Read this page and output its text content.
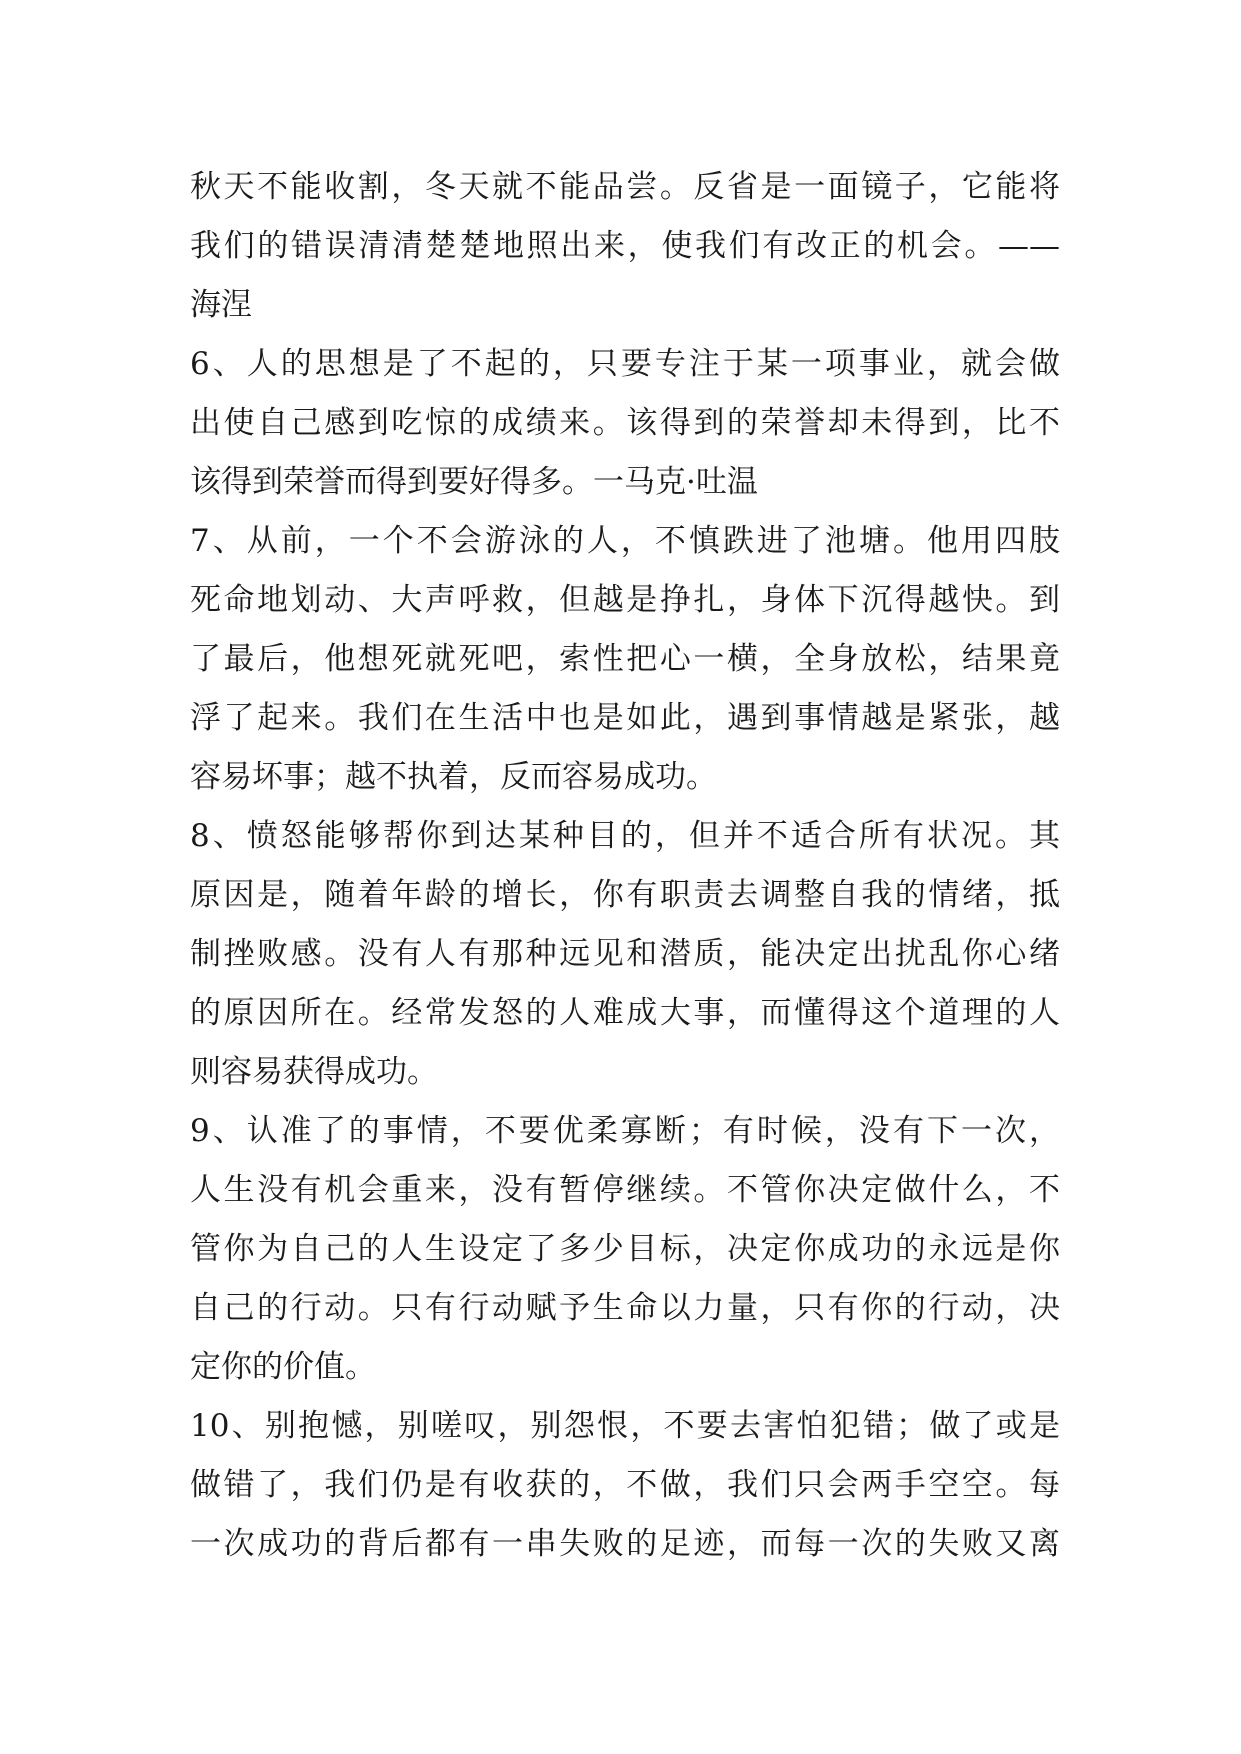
秋天不能收割，冬天就不能品尝。反省是一面镜子，它能将
我们的错误清清楚楚地照出来，使我们有改正的机会。——
海涅
6、人的思想是了不起的，只要专注于某一项事业，就会做
出使自己感到吃惊的成绩来。该得到的荣誉却未得到，比不
该得到荣誉而得到要好得多。一马克·吐温
7、从前，一个不会游泳的人，不慎跌进了池塘。他用四肢
死命地划动、大声呼救，但越是挣扎，身体下沉得越快。到
了最后，他想死就死吧，索性把心一横，全身放松，结果竟
浮了起来。我们在生活中也是如此，遇到事情越是紧张，越
容易坏事；越不执着，反而容易成功。
8、愤怒能够帮你到达某种目的，但并不适合所有状况。其
原因是，随着年龄的增长，你有职责去调整自我的情绪，抵
制挫败感。没有人有那种远见和潜质，能决定出扰乱你心绪
的原因所在。经常发怒的人难成大事，而懂得这个道理的人
则容易获得成功。
9、认准了的事情，不要优柔寡断；有时候，没有下一次，
人生没有机会重来，没有暂停继续。不管你决定做什么，不
管你为自己的人生设定了多少目标，决定你成功的永远是你
自己的行动。只有行动赋予生命以力量，只有你的行动，决
定你的价值。
10、别抱憾，别嗟叹，别怨恨，不要去害怕犯错；做了或是
做错了，我们仍是有收获的，不做，我们只会两手空空。每
一次成功的背后都有一串失败的足迹，而每一次的失败又离
